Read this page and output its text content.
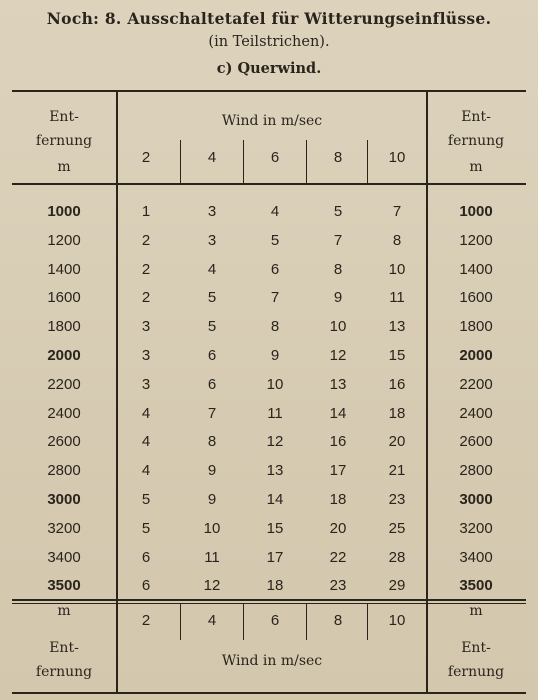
Noch: 8. Ausschaltetafel für Witterungseinflüsse.
(in Teilstrichen).
c) Querwind.
Ent-	Ent-
fernung	fernung
m	m
Wind in m/sec
2	4	6	8	10
1000	1	3	4	5	7	1000
1200	2	3	5	7	8	1200
1400	2	4	6	8	10	1400
1600	2	5	7	9	11	1600
1800	3	5	8	10	13	1800
2000	3	6	9	12	15	2000
2200	3	6	10	13	16	2200
2400	4	7	11	14	18	2400
2600	4	8	12	16	20	2600
2800	4	9	13	17	21	2800
3000	5	9	14	18	23	3000
3200	5	10	15	20	25	3200
3400	6	11	17	22	28	3400
3500	6	12	18	23	29	3500
m	m
2	4	6	8	10
Ent-
fernung
Ent-
fernung
Wind in m/sec
